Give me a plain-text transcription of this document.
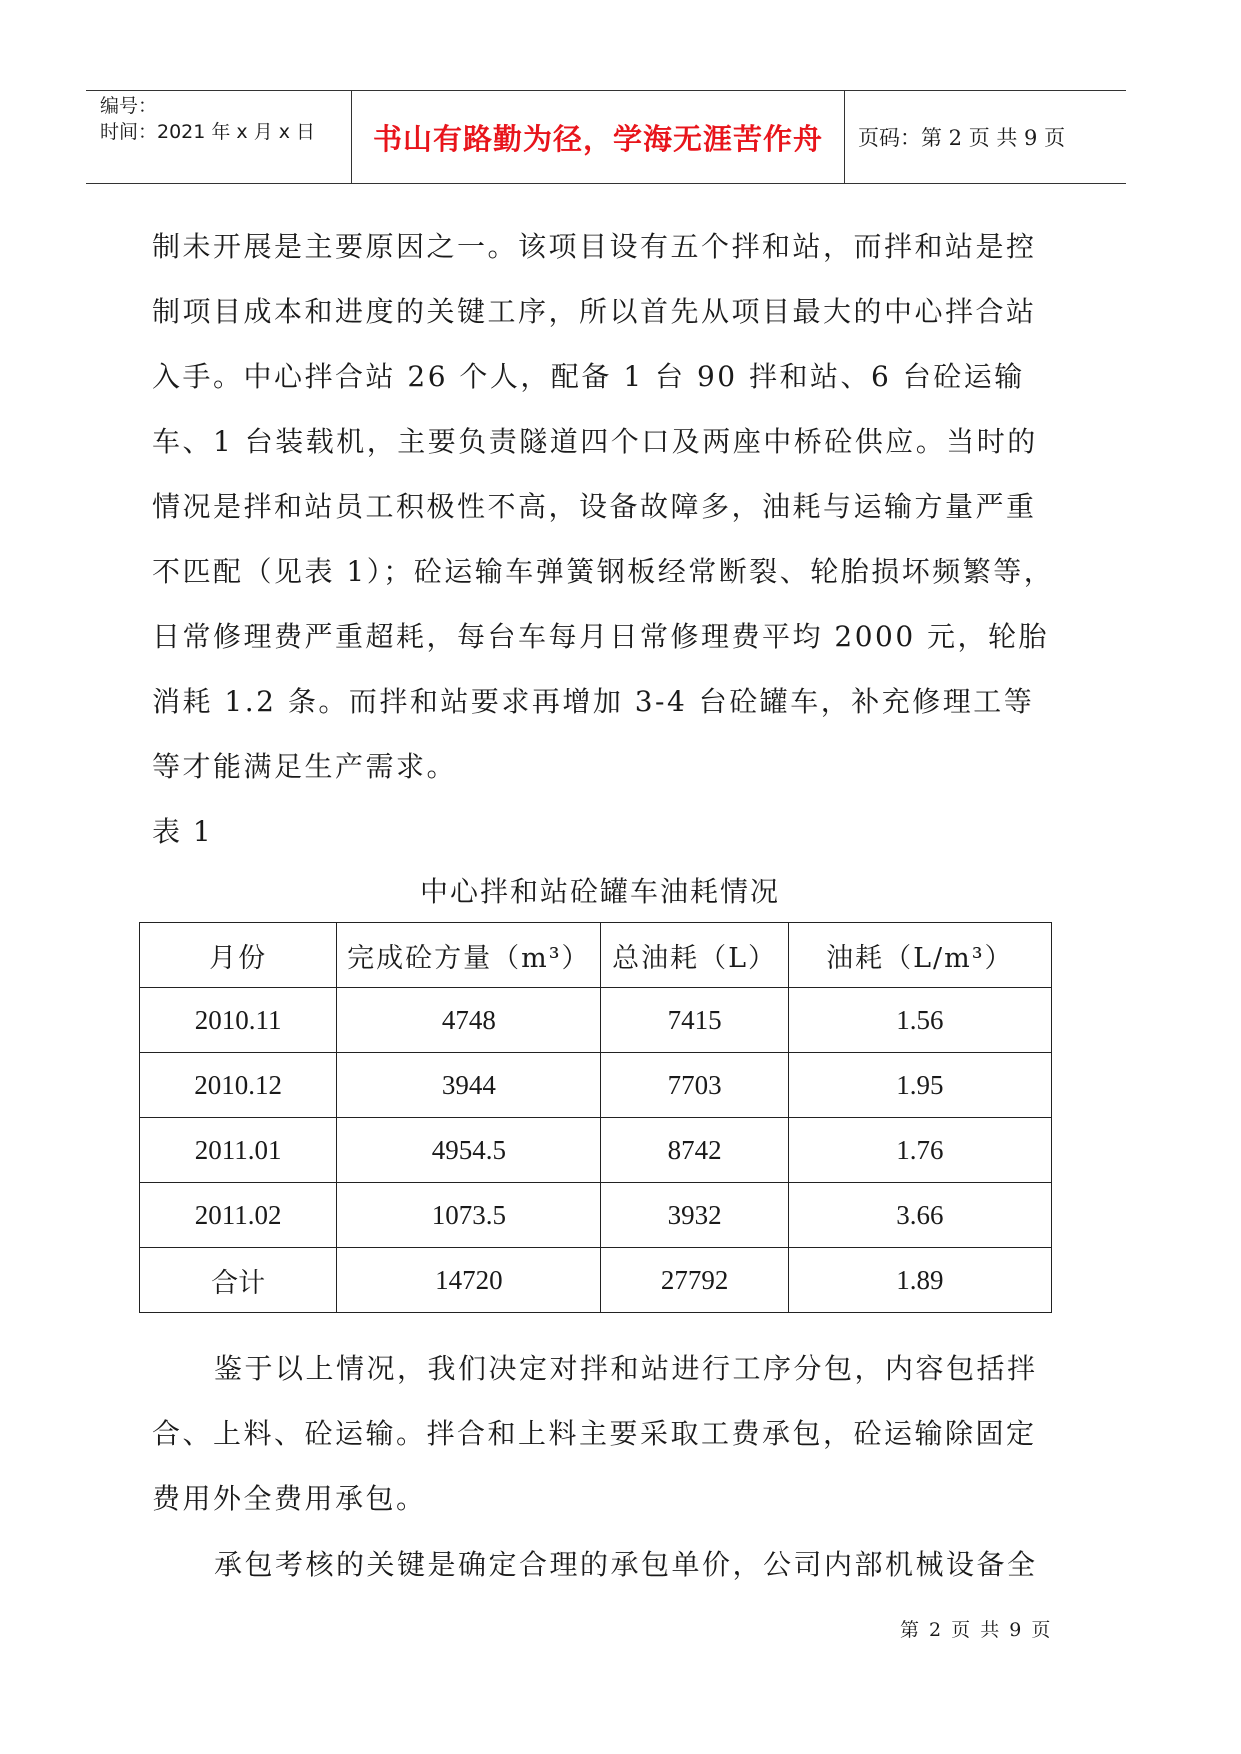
编号：
时间：2021 年 x 月 x 日	书山有路勤为径，学海无涯苦作舟	页码：第 2 页 共 9 页

制未开展是主要原因之一。该项目设有五个拌和站，而拌和站是控制项目成本和进度的关键工序，所以首先从项目最大的中心拌合站入手。中心拌合站 26 个人，配备 1 台 90 拌和站、6 台砼运输车、1 台装载机，主要负责隧道四个口及两座中桥砼供应。当时的情况是拌和站员工积极性不高，设备故障多，油耗与运输方量严重不匹配（见表 1）；砼运输车弹簧钢板经常断裂、轮胎损坏频繁等，日常修理费严重超耗，每台车每月日常修理费平均 2000 元，轮胎消耗 1.2 条。而拌和站要求再增加 3-4 台砼罐车，补充修理工等等才能满足生产需求。

表 1
中心拌和站砼罐车油耗情况
月份	完成砼方量（m³）	总油耗（L）	油耗（L/m³）
2010.11	4748	7415	1.56
2010.12	3944	7703	1.95
2011.01	4954.5	8742	1.76
2011.02	1073.5	3932	3.66
合计	14720	27792	1.89

鉴于以上情况，我们决定对拌和站进行工序分包，内容包括拌合、上料、砼运输。拌合和上料主要采取工费承包，砼运输除固定费用外全费用承包。

承包考核的关键是确定合理的承包单价，公司内部机械设备全

第 2 页 共 9 页
